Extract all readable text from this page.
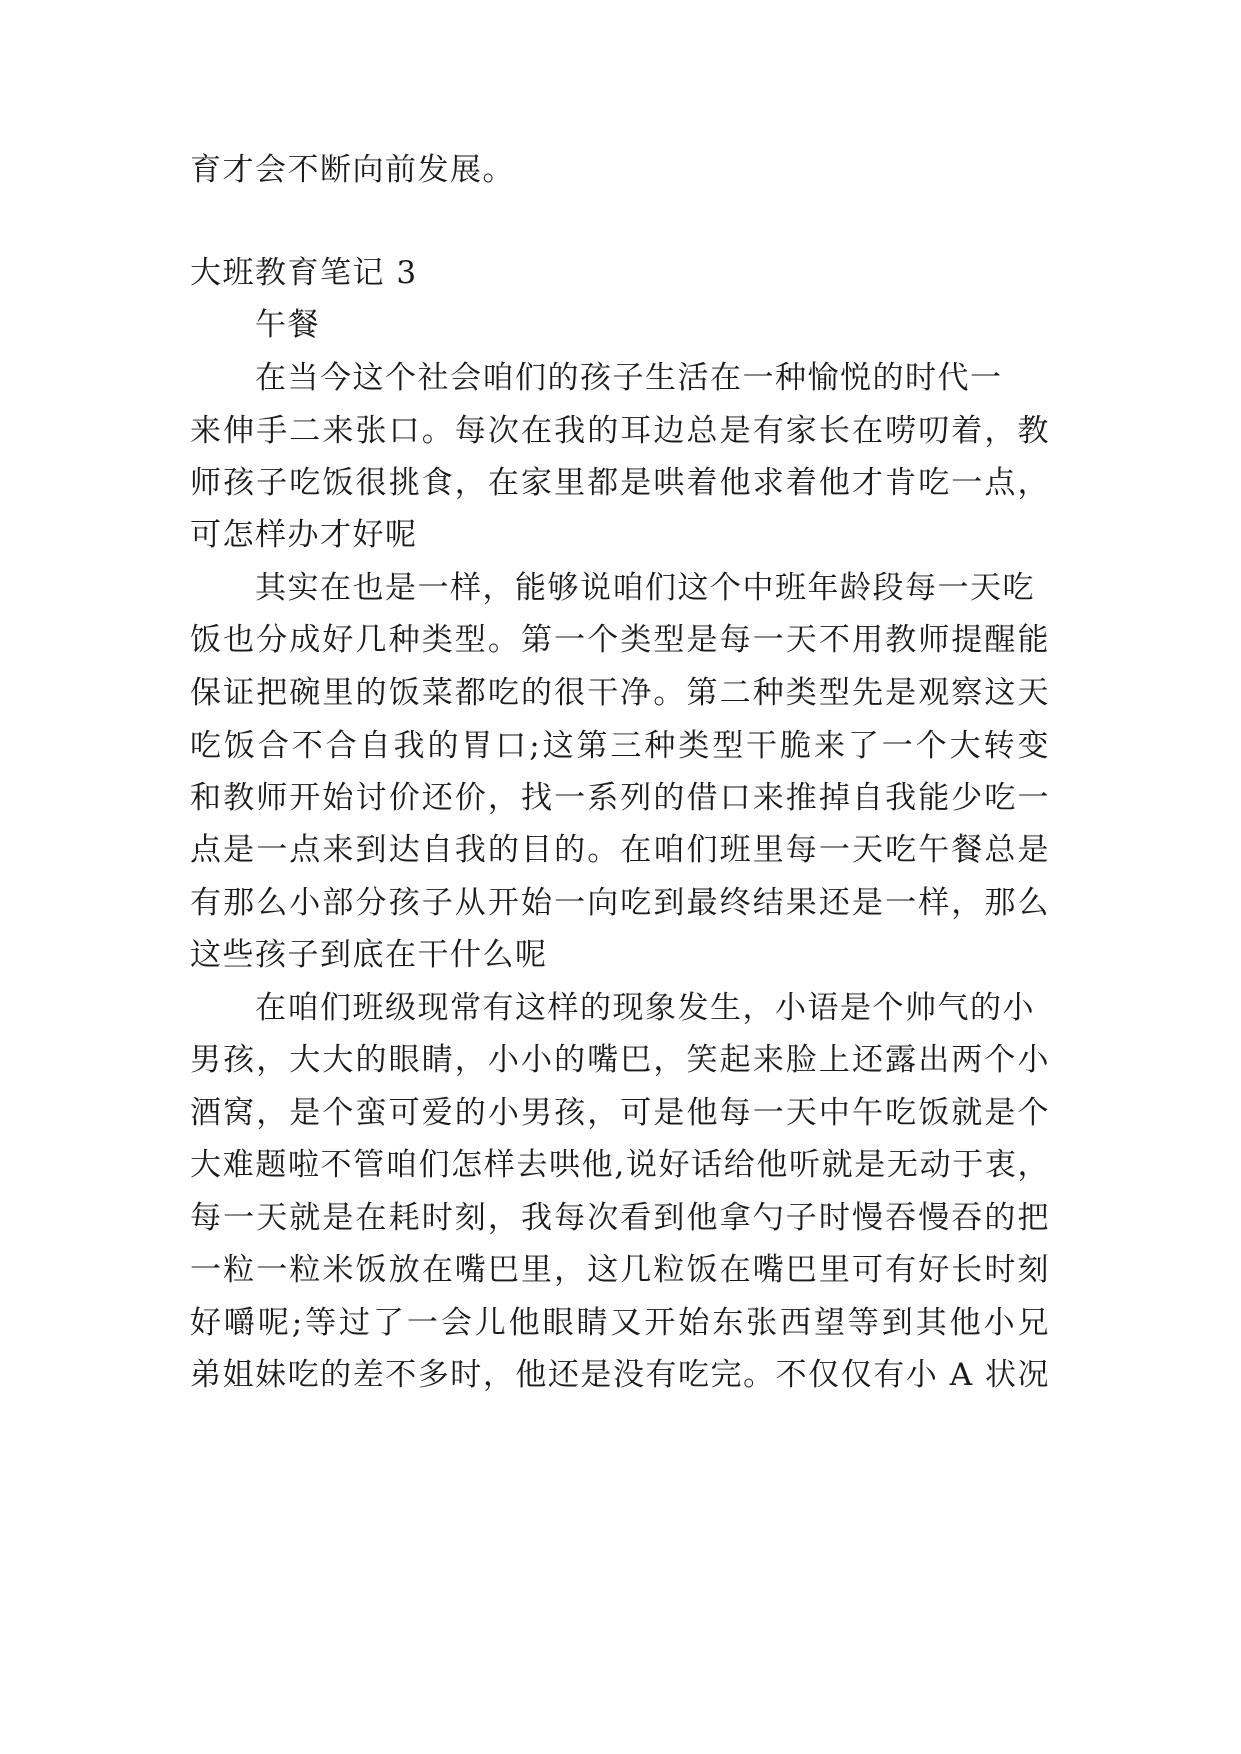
育才会不断向前发展。
大班教育笔记 3
午餐
在当今这个社会咱们的孩子生活在一种愉悦的时代一
来伸手二来张口。每次在我的耳边总是有家长在唠叨着，教
师孩子吃饭很挑食，在家里都是哄着他求着他才肯吃一点，
可怎样办才好呢
其实在也是一样，能够说咱们这个中班年龄段每一天吃
饭也分成好几种类型。第一个类型是每一天不用教师提醒能
保证把碗里的饭菜都吃的很干净。第二种类型先是观察这天
吃饭合不合自我的胃口;这第三种类型干脆来了一个大转变
和教师开始讨价还价，找一系列的借口来推掉自我能少吃一
点是一点来到达自我的目的。在咱们班里每一天吃午餐总是
有那么小部分孩子从开始一向吃到最终结果还是一样，那么
这些孩子到底在干什么呢
在咱们班级现常有这样的现象发生，小语是个帅气的小
男孩，大大的眼睛，小小的嘴巴，笑起来脸上还露出两个小
酒窝，是个蛮可爱的小男孩，可是他每一天中午吃饭就是个
大难题啦不管咱们怎样去哄他,说好话给他听就是无动于衷，
每一天就是在耗时刻，我每次看到他拿勺子时慢吞慢吞的把
一粒一粒米饭放在嘴巴里，这几粒饭在嘴巴里可有好长时刻
好嚼呢;等过了一会儿他眼睛又开始东张西望等到其他小兄
弟姐妹吃的差不多时，他还是没有吃完。不仅仅有小 A 状况
